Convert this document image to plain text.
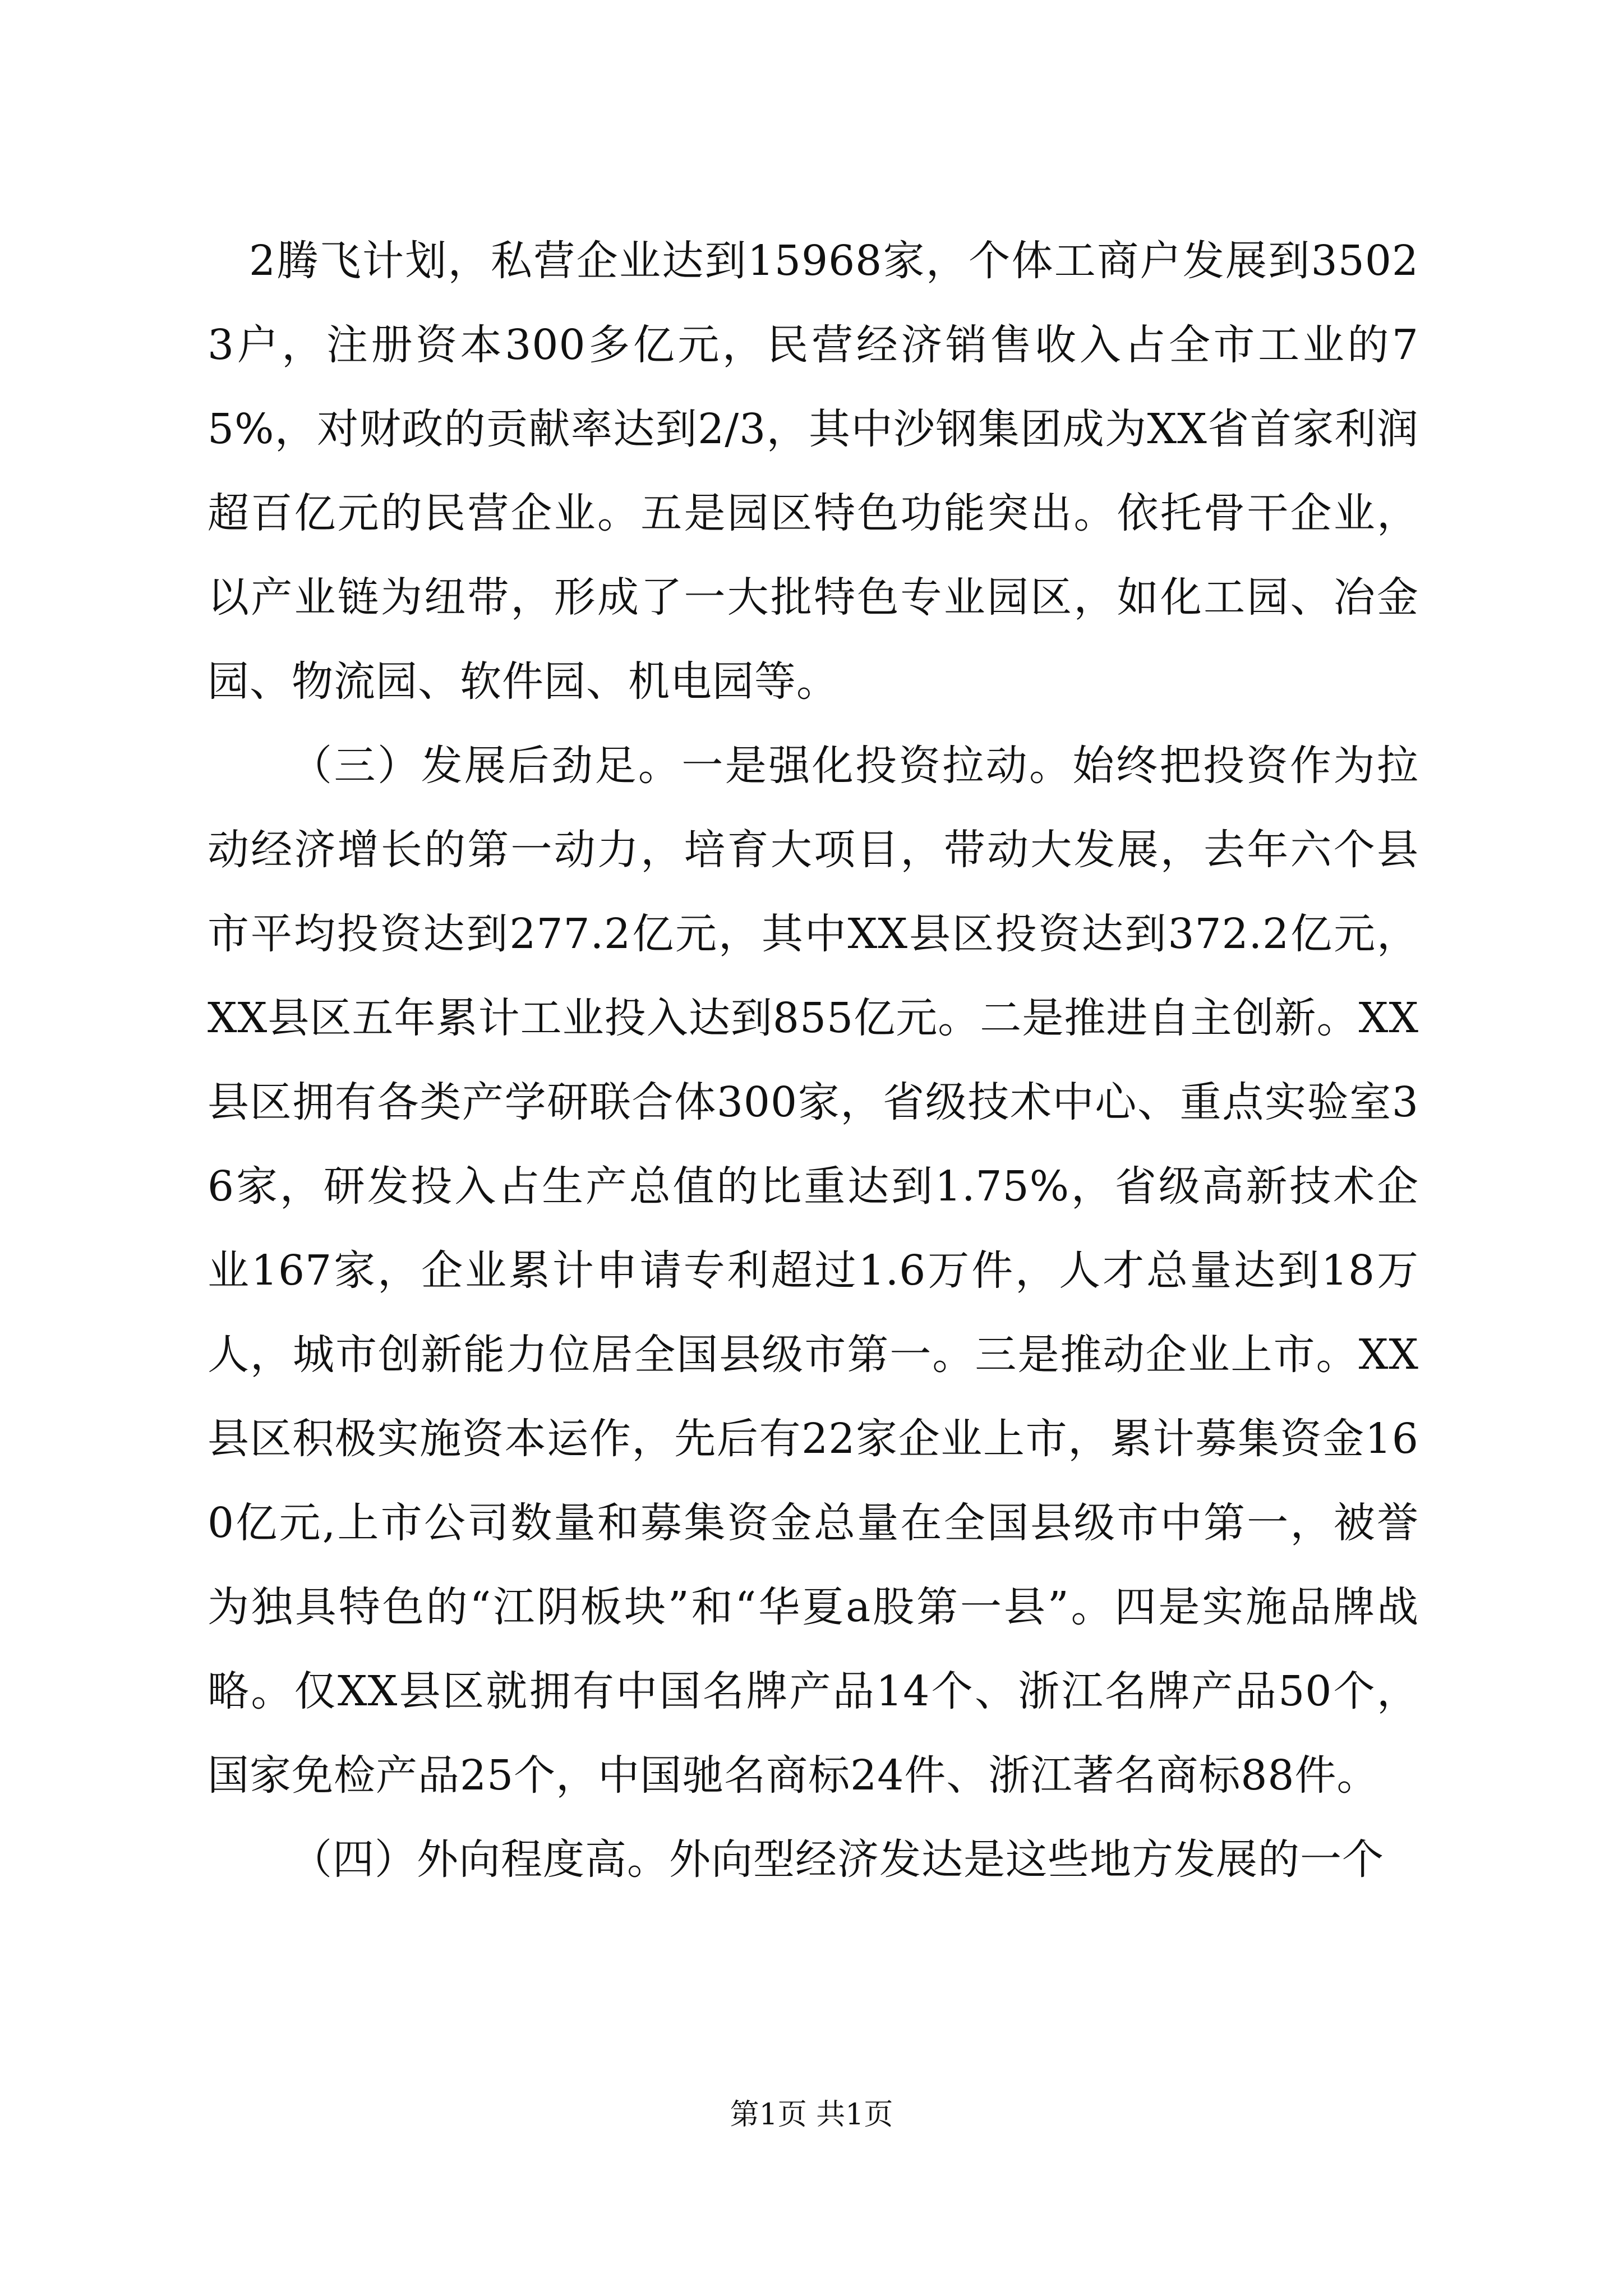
2腾飞计划，私营企业达到15968家，个体工商户发展到35023户，注册资本300多亿元，民营经济销售收入占全市工业的75%，对财政的贡献率达到2/3，其中沙钢集团成为XX省首家利润超百亿元的民营企业。五是园区特色功能突出。依托骨干企业，以产业链为纽带，形成了一大批特色专业园区，如化工园、冶金园、物流园、软件园、机电园等。

（三）发展后劲足。一是强化投资拉动。始终把投资作为拉动经济增长的第一动力，培育大项目，带动大发展，去年六个县市平均投资达到277.2亿元，其中XX县区投资达到372.2亿元，XX县区五年累计工业投入达到855亿元。二是推进自主创新。XX县区拥有各类产学研联合体300家，省级技术中心、重点实验室36家，研发投入占生产总值的比重达到1.75%，省级高新技术企业167家，企业累计申请专利超过1.6万件，人才总量达到18万人，城市创新能力位居全国县级市第一。三是推动企业上市。XX县区积极实施资本运作，先后有22家企业上市，累计募集资金160亿元,上市公司数量和募集资金总量在全国县级市中第一，被誉为独具特色的“江阴板块”和“华夏a股第一县”。四是实施品牌战略。仅XX县区就拥有中国名牌产品14个、浙江名牌产品50个，国家免检产品25个，中国驰名商标24件、浙江著名商标88件。

（四）外向程度高。外向型经济发达是这些地方发展的一个

第1页 共1页
